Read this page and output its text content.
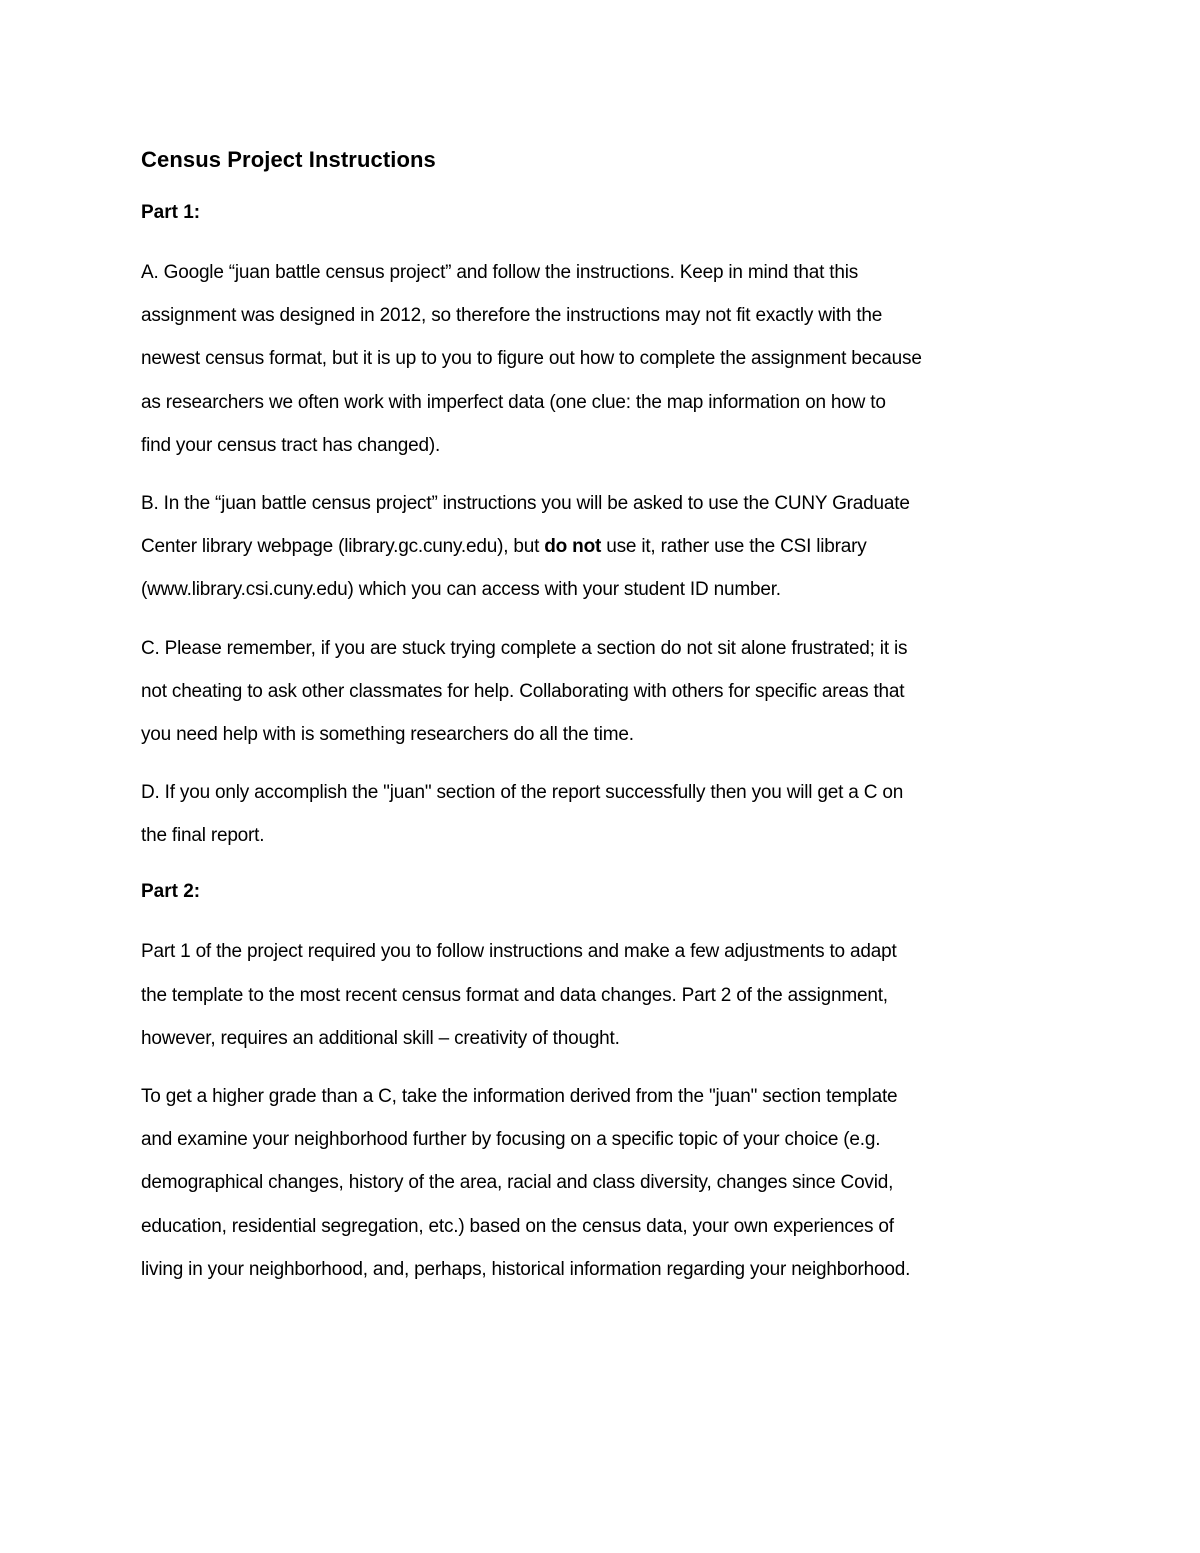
Census Project Instructions
Part 1:
A. Google “juan battle census project” and follow the instructions. Keep in mind that this
assignment was designed in 2012, so therefore the instructions may not fit exactly with the
newest census format, but it is up to you to figure out how to complete the assignment because
as researchers we often work with imperfect data (one clue: the map information on how to
find your census tract has changed).
B. In the “juan battle census project” instructions you will be asked to use the CUNY Graduate
Center library webpage (library.gc.cuny.edu), but do not use it, rather use the CSI library
(www.library.csi.cuny.edu) which you can access with your student ID number.
C. Please remember, if you are stuck trying complete a section do not sit alone frustrated; it is
not cheating to ask other classmates for help. Collaborating with others for specific areas that
you need help with is something researchers do all the time.
D. If you only accomplish the "juan" section of the report successfully then you will get a C on
the final report.
Part 2:
Part 1 of the project required you to follow instructions and make a few adjustments to adapt
the template to the most recent census format and data changes. Part 2 of the assignment,
however, requires an additional skill – creativity of thought.
To get a higher grade than a C, take the information derived from the "juan" section template
and examine your neighborhood further by focusing on a specific topic of your choice (e.g.
demographical changes, history of the area, racial and class diversity, changes since Covid,
education, residential segregation, etc.) based on the census data, your own experiences of
living in your neighborhood, and, perhaps, historical information regarding your neighborhood.
